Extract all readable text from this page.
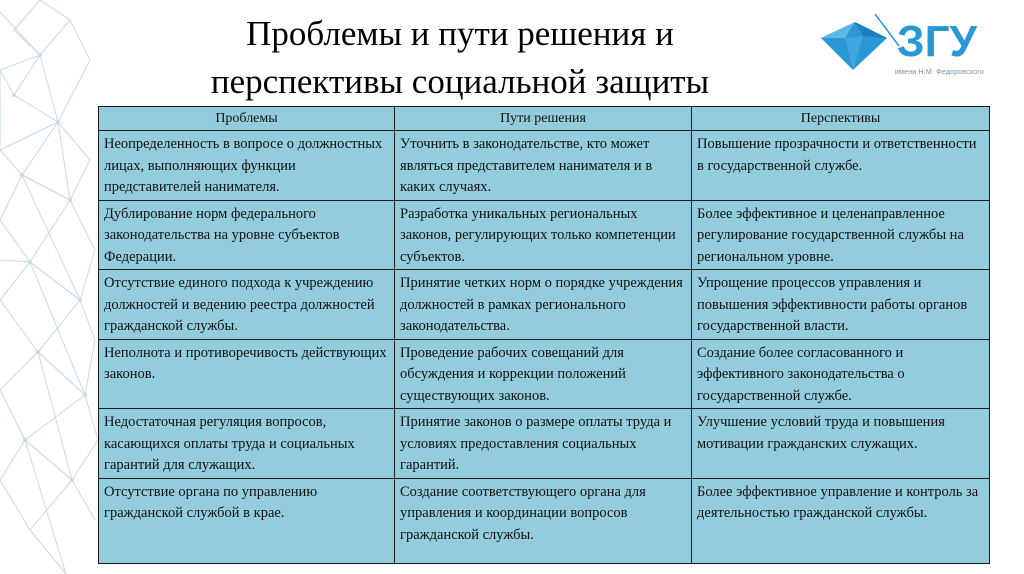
Проблемы и пути решения и
перспективы социальной защиты
ЗГУ
имени Н.М. Федоровского
Проблемы	Пути решения	Перспективы
Неопределенность в вопросе о должностных лицах, выполняющих функции представителей нанимателя.	Уточнить в законодательстве, кто может являться представителем нанимателя и в каких случаях.	Повышение прозрачности и ответственности в государственной службе.
Дублирование норм федерального законодательства на уровне субъектов Федерации.	Разработка уникальных региональных законов, регулирующих только компетенции субъектов.	Более эффективное и целенаправленное регулирование государственной службы на региональном уровне.
Отсутствие единого подхода к учреждению должностей и ведению реестра должностей гражданской службы.	Принятие четких норм о порядке учреждения должностей в рамках регионального законодательства.	Упрощение процессов управления и повышения эффективности работы органов государственной власти.
Неполнота и противоречивость действующих законов.	Проведение рабочих совещаний для обсуждения и коррекции положений существующих законов.	Создание более согласованного и эффективного законодательства о государственной службе.
Недостаточная регуляция вопросов, касающихся оплаты труда и социальных гарантий для служащих.	Принятие законов о размере оплаты труда и условиях предоставления социальных гарантий.	Улучшение условий труда и повышения мотивации гражданских служащих.
Отсутствие органа по управлению гражданской службой в крае.	Создание соответствующего органа для управления и координации вопросов гражданской службы.	Более эффективное управление и контроль за деятельностью гражданской службы.
